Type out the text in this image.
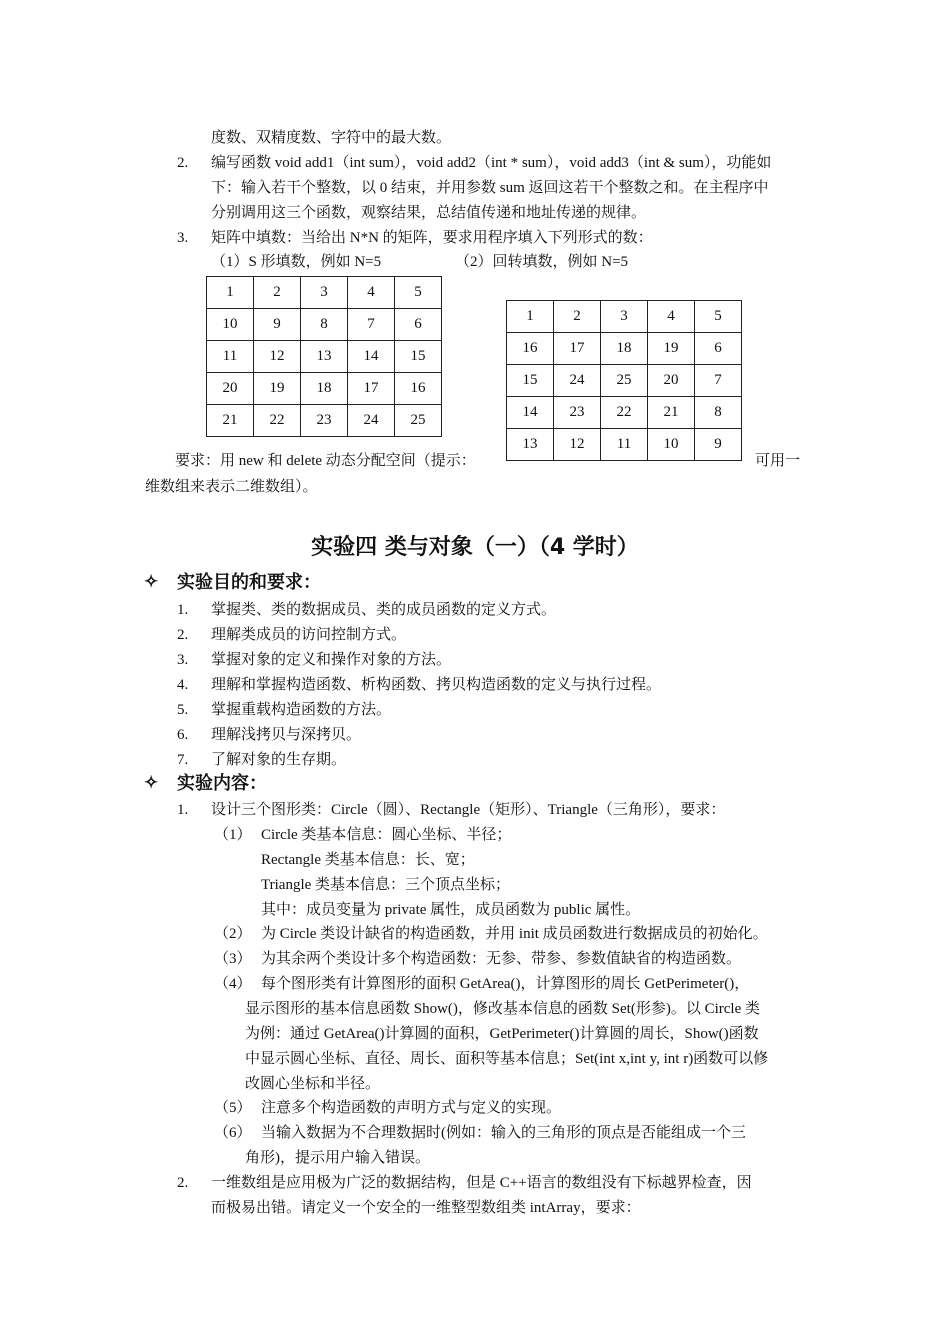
度数、双精度数、字符中的最大数。
2.	编写函数 void add1（int sum），void add2（int * sum），void add3（int & sum），功能如
下：输入若干个整数，以 0 结束，并用参数 sum 返回这若干个整数之和。在主程序中
分别调用这三个函数，观察结果，总结值传递和地址传递的规律。
3.	矩阵中填数：当给出 N*N 的矩阵，要求用程序填入下列形式的数：
（1）S 形填数，例如 N=5	（2）回转填数，例如 N=5
1	2	3	4	5
10	9	8	7	6
11	12	13	14	15
20	19	18	17	16
21	22	23	24	25
1	2	3	4	5
16	17	18	19	6
15	24	25	20	7
14	23	22	21	8
13	12	11	10	9
要求：用 new 和 delete 动态分配空间（提示：	可用一
维数组来表示二维数组）。
实验四 类与对象（一）（4 学时）
✧ 实验目的和要求：
1.	掌握类、类的数据成员、类的成员函数的定义方式。
2.	理解类成员的访问控制方式。
3.	掌握对象的定义和操作对象的方法。
4.	理解和掌握构造函数、析构函数、拷贝构造函数的定义与执行过程。
5.	掌握重载构造函数的方法。
6.	理解浅拷贝与深拷贝。
7.	了解对象的生存期。
✧ 实验内容：
1.	设计三个图形类：Circle（圆）、Rectangle（矩形）、Triangle（三角形），要求：
（1） Circle 类基本信息：圆心坐标、半径；
Rectangle 类基本信息：长、宽；
Triangle 类基本信息：三个顶点坐标；
其中：成员变量为 private 属性，成员函数为 public 属性。
（2） 为 Circle 类设计缺省的构造函数，并用 init 成员函数进行数据成员的初始化。
（3） 为其余两个类设计多个构造函数：无参、带参、参数值缺省的构造函数。
（4） 每个图形类有计算图形的面积 GetArea()，计算图形的周长 GetPerimeter()，
显示图形的基本信息函数 Show()，修改基本信息的函数 Set(形参)。以 Circle 类
为例：通过 GetArea()计算圆的面积，GetPerimeter()计算圆的周长，Show()函数
中显示圆心坐标、直径、周长、面积等基本信息；Set(int x,int y, int r)函数可以修
改圆心坐标和半径。
（5） 注意多个构造函数的声明方式与定义的实现。
（6） 当输入数据为不合理数据时(例如：输入的三角形的顶点是否能组成一个三
角形)，提示用户输入错误。
2.	一维数组是应用极为广泛的数据结构，但是 C++语言的数组没有下标越界检查，因
而极易出错。请定义一个安全的一维整型数组类 intArray，要求：
